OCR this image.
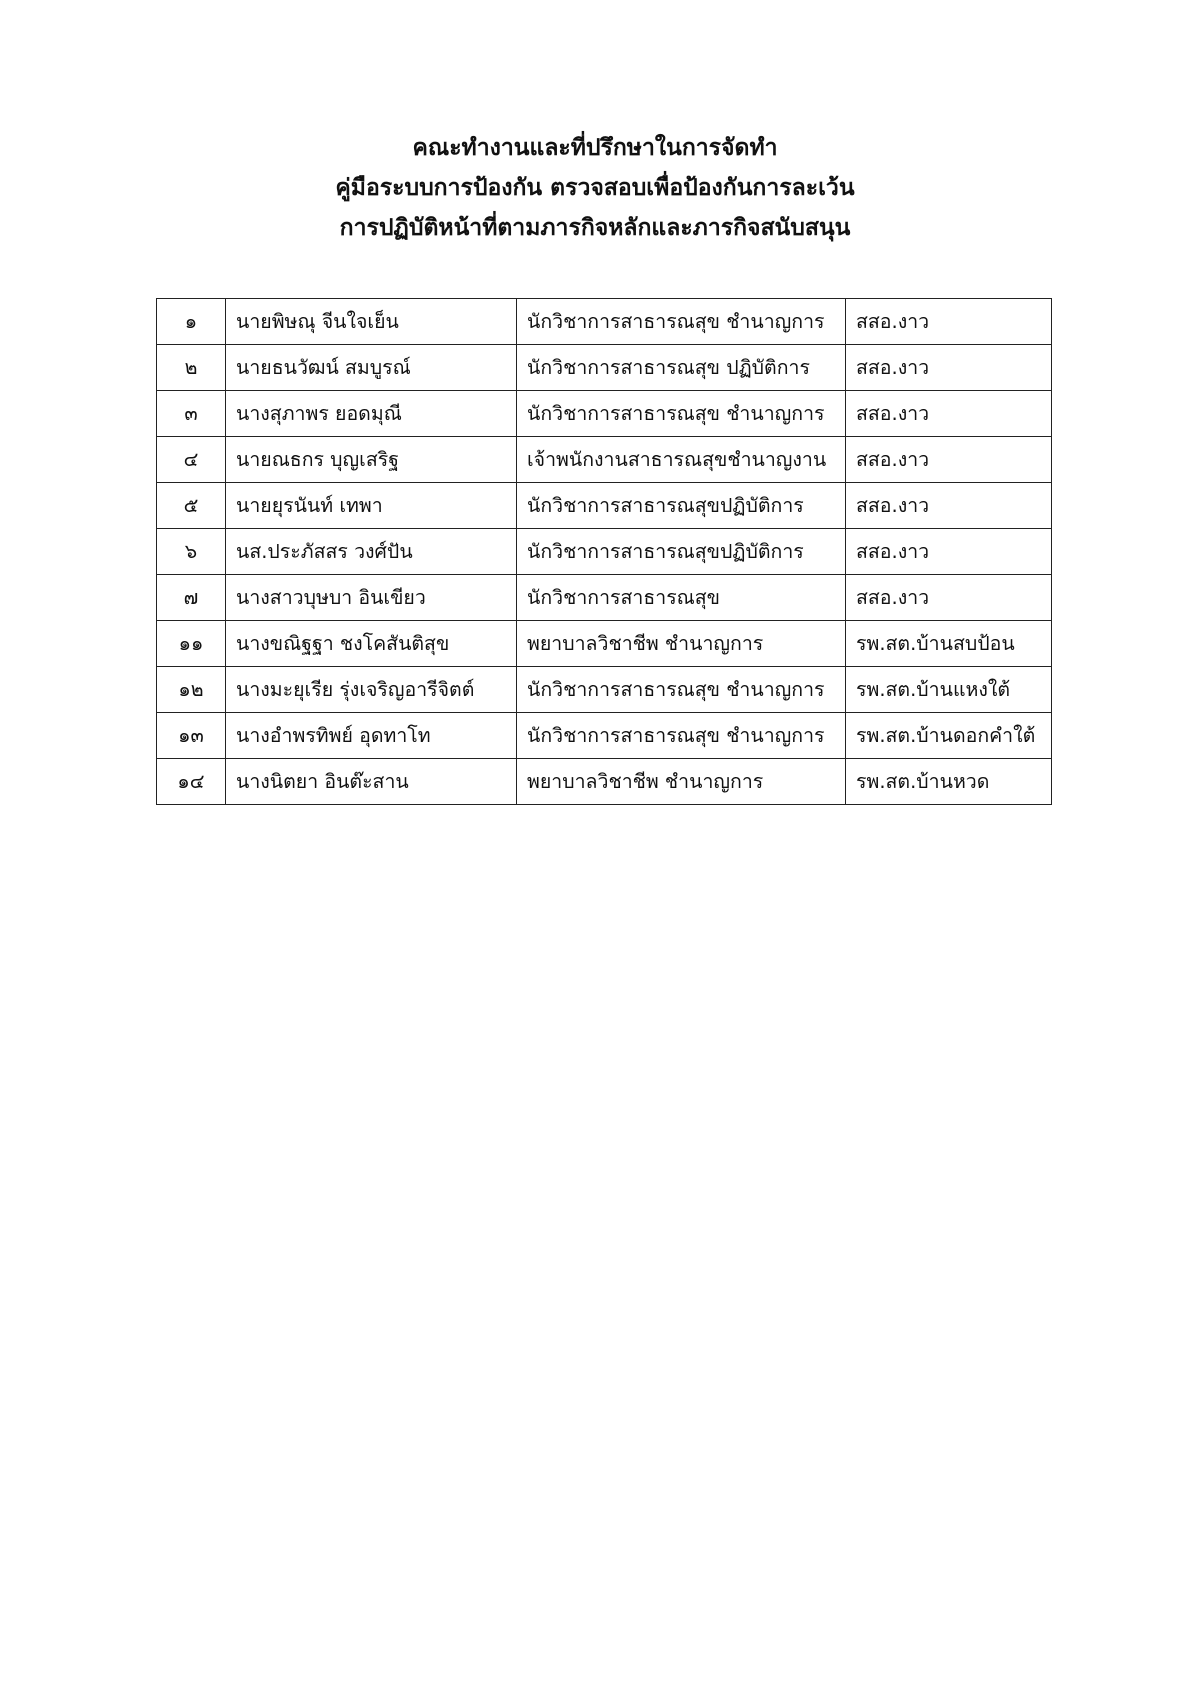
คณะทำงานและที่ปรึกษาในการจัดทำ
คู่มือระบบการป้องกัน ตรวจสอบเพื่อป้องกันการละเว้น
การปฏิบัติหน้าที่ตามภารกิจหลักและภารกิจสนับสนุน
๑	นายพิษณุ จีนใจเย็น	นักวิชาการสาธารณสุข ชำนาญการ	สสอ.งาว
๒	นายธนวัฒน์ สมบูรณ์	นักวิชาการสาธารณสุข ปฏิบัติการ	สสอ.งาว
๓	นางสุภาพร ยอดมุณี	นักวิชาการสาธารณสุข ชำนาญการ	สสอ.งาว
๔	นายณธกร บุญเสริฐ	เจ้าพนักงานสาธารณสุขชำนาญงาน	สสอ.งาว
๕	นายยุรนันท์ เทพา	นักวิชาการสาธารณสุขปฏิบัติการ	สสอ.งาว
๖	นส.ประภัสสร วงศ์ปัน	นักวิชาการสาธารณสุขปฏิบัติการ	สสอ.งาว
๗	นางสาวบุษบา อินเขียว	นักวิชาการสาธารณสุข	สสอ.งาว
๑๑	นางขณิฐฐา ชงโคสันติสุข	พยาบาลวิชาชีพ ชำนาญการ	รพ.สต.บ้านสบป้อน
๑๒	นางมะยุเรีย รุ่งเจริญอารีจิตต์	นักวิชาการสาธารณสุข ชำนาญการ	รพ.สต.บ้านแหงใต้
๑๓	นางอำพรทิพย์ อุดทาโท	นักวิชาการสาธารณสุข ชำนาญการ	รพ.สต.บ้านดอกคำใต้
๑๔	นางนิตยา อินต๊ะสาน	พยาบาลวิชาชีพ ชำนาญการ	รพ.สต.บ้านหวด
